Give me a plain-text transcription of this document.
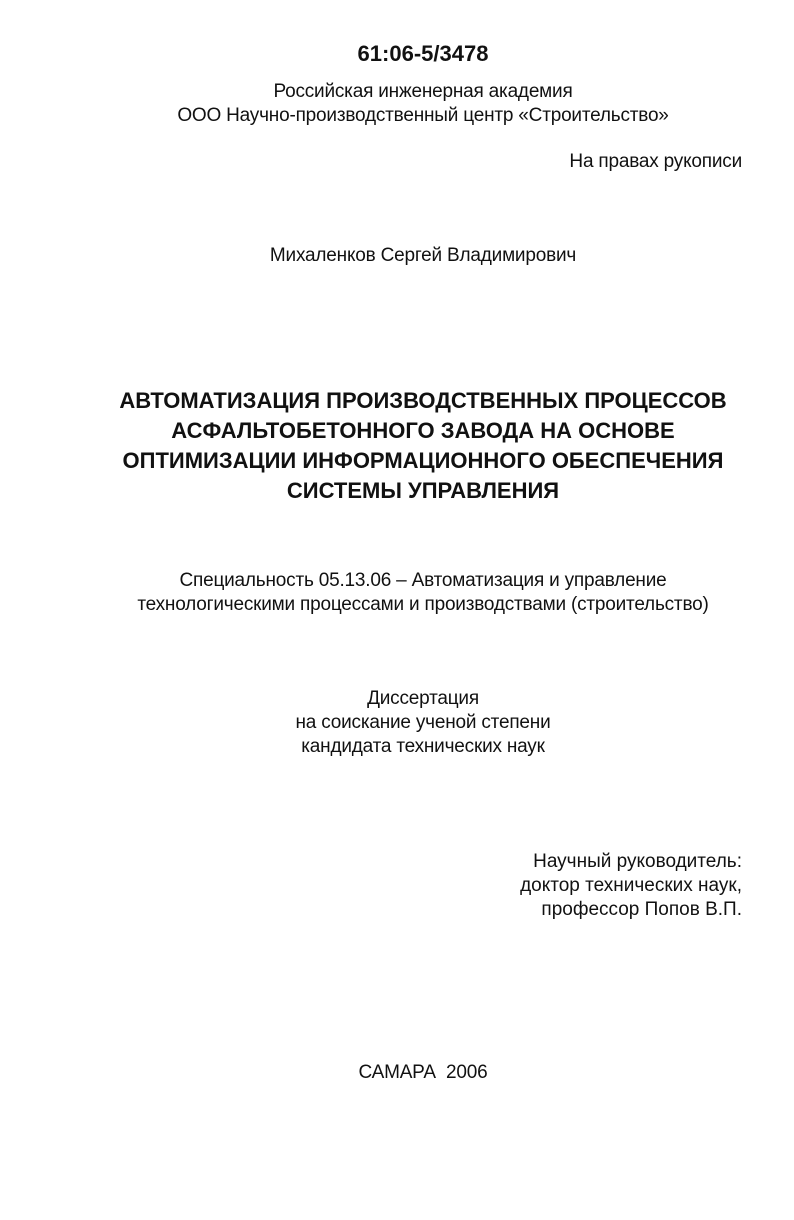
61:06-5/3478
Российская инженерная академия
ООО Научно-производственный центр «Строительство»
На правах рукописи
Михаленков Сергей Владимирович
АВТОМАТИЗАЦИЯ ПРОИЗВОДСТВЕННЫХ ПРОЦЕССОВ
АСФАЛЬТОБЕТОННОГО ЗАВОДА НА ОСНОВЕ
ОПТИМИЗАЦИИ ИНФОРМАЦИОННОГО ОБЕСПЕЧЕНИЯ
СИСТЕМЫ УПРАВЛЕНИЯ
Специальность 05.13.06 – Автоматизация и управление
технологическими процессами и производствами (строительство)
Диссертация
на соискание ученой степени
кандидата технических наук
Научный руководитель:
доктор технических наук,
профессор Попов В.П.
САМАРА  2006
